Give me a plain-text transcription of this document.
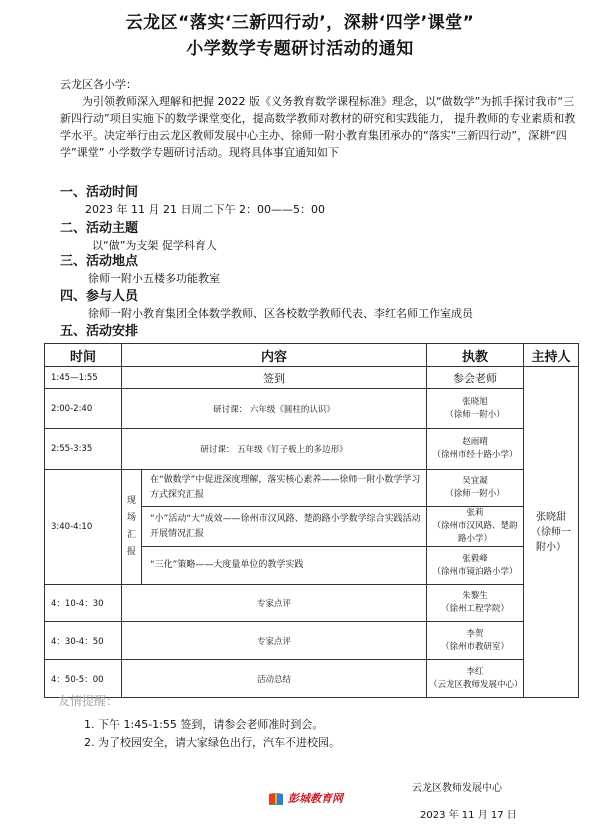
云龙区“落实‘三新四行动’，深耕‘四学’课堂”
小学数学专题研讨活动的通知
云龙区各小学：
为引领教师深入理解和把握 2022 版《义务教育数学课程标准》理念，以“做数学”为抓手探讨我市“三新四行动”项目实施下的数学课堂变化，提高数学教师对教材的研究和实践能力， 提升教师的专业素质和教学水平。决定举行由云龙区教师发展中心主办、徐师一附小教育集团承办的“落实“三新四行动”，深耕“四学”课堂” 小学数学专题研讨活动。现将具体事宜通知如下
一、活动时间
2023 年 11 月 21 日周二下午 2：00——5：00
二、活动主题
以“做”为支架 促学科育人
三、活动地点
徐师一附小五楼多功能教室
四、参与人员
徐师一附小教育集团全体数学教师、区各校数学教师代表、李红名师工作室成员
五、活动安排
时间	内容		执教	主持人
1:45—1:55	签到		参会老师	张晓甜（徐师一附小）

2:00-2:40	研讨课： 六年级《圆柱的认识》		张晓旭
（徐师一附小）	

2:55-3:35	研讨课： 五年级《钉子板上的多边形》		赵雨晴
（徐州市经十路小学）	

3:40-4:10	现场汇报	在“做数学”中促进深度理解，落实核心素养——徐师一附小数学学习方式探究汇报	吴宜凝
（徐师一附小）	

		“小”活动“大”成效——徐州市汉风路、楚韵路小学数学综合实践活动开展情况汇报	张莉
（徐州市汉风路、楚韵路小学）	

		“三化”策略——大度量单位的教学实践	张毅峰
（徐州市镜泊路小学）	

4：10-4：30	专家点评		朱黎生
（徐州工程学院）	

4：30-4：50	专家点评		李贺
（徐州市教研室）	

4：50-5：00	活动总结		李红
（云龙区教师发展中心）	
友情提醒：
1. 下午 1:45-1:55 签到，请参会老师准时到会。
2. 为了校园安全，请大家绿色出行，汽车不进校园。
云龙区教师发展中心
彭城教育网
2023 年 11 月 17 日
